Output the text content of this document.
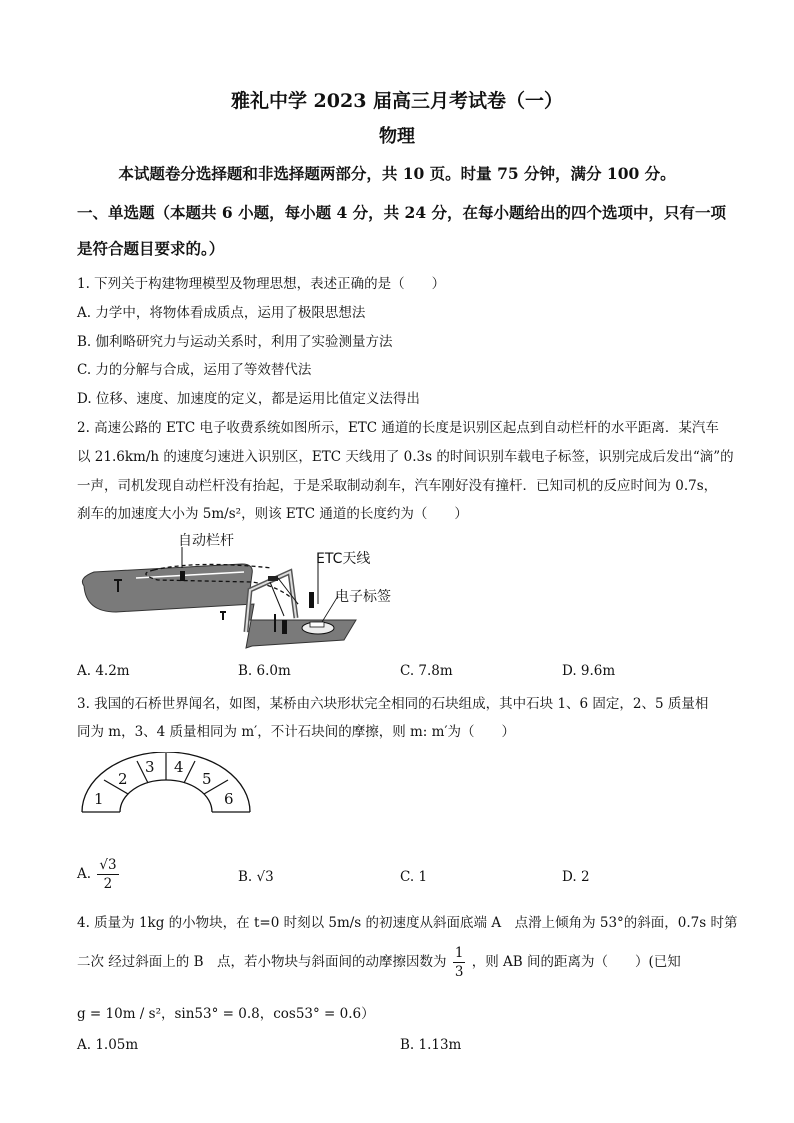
雅礼中学 2023 届高三月考试卷（一）
物理
本试题卷分选择题和非选择题两部分，共 10 页。时量 75 分钟，满分 100 分。
一、单选题（本题共 6 小题，每小题 4 分，共 24 分，在每小题给出的四个选项中，只有一项
是符合题目要求的。）
1. 下列关于构建物理模型及物理思想，表述正确的是（　　）
A. 力学中，将物体看成质点，运用了极限思想法
B. 伽利略研究力与运动关系时，利用了实验测量方法
C. 力的分解与合成，运用了等效替代法
D. 位移、速度、加速度的定义，都是运用比值定义法得出
2. 高速公路的 ETC 电子收费系统如图所示，ETC 通道的长度是识别区起点到自动栏杆的水平距离．某汽车
以 21.6km/h 的速度匀速进入识别区，ETC 天线用了 0.3s 的时间识别车载电子标签，识别完成后发出“滴”的
一声，司机发现自动栏杆没有抬起，于是采取制动刹车，汽车刚好没有撞杆．已知司机的反应时间为 0.7s，
刹车的加速度大小为 5m/s²，则该 ETC 通道的长度约为（　　）
自动栏杆
ETC天线
电子标签
A. 4.2m	B. 6.0m	C. 7.8m	D. 9.6m
3. 我国的石桥世界闻名，如图，某桥由六块形状完全相同的石块组成，其中石块 1、6 固定，2、5 质量相
同为 m，3、4 质量相同为 m′，不计石块间的摩擦，则 m: m′为（　　）
1
2
3 4
5
6
A. $\frac{√3}{2}$	B. √3	C. 1	D. 2
4. 质量为 1kg 的小物块，在 t=0 时刻以 5m/s 的初速度从斜面底端 A　点滑上倾角为 53°的斜面，0.7s 时第
二次 经过斜面上的 B　点，若小物块与斜面间的动摩擦因数为 $\frac{1}{3}$ ，则 AB 间的距离为（　　）(已知
g = 10m / s²，sin53° = 0.8，cos53° = 0.6）
A. 1.05m	B. 1.13m
